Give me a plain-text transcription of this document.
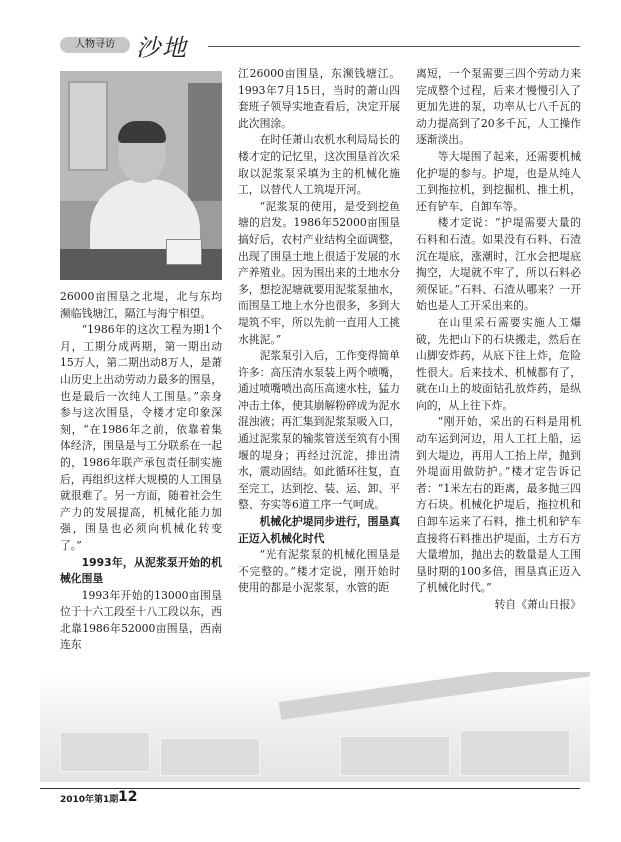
人物寻访 沙地

26000亩围垦之北堤，北与东均濒临钱塘江，隔江与海宁相望。

“1986年的这次工程为期1个月，工期分成两期，第一期出动15万人，第二期出动8万人，是萧山历史上出动劳动力最多的围垦，也是最后一次纯人工围垦。”亲身参与这次围垦，令楼才定印象深刻，“在1986年之前，依靠着集体经济，围垦是与工分联系在一起的，1986年联产承包责任制实施后，再组织这样大规模的人工围垦就很难了。另一方面，随着社会生产力的发展提高，机械化能力加强，围垦也必须向机械化转变了。”

1993年，从泥浆泵开始的机械化围垦

1993年开始的13000亩围垦位于十六工段至十八工段以东，西北靠1986年52000亩围垦，西南连东

江26000亩围垦，东濒钱塘江。1993年7月15日，当时的萧山四套班子领导实地查看后，决定开展此次围涂。

在时任萧山农机水利局局长的楼才定的记忆里，这次围垦首次采取以泥浆泵采填为主的机械化施工，以替代人工筑堤开河。

“泥浆泵的使用，是受到挖鱼塘的启发。1986年52000亩围垦搞好后，农村产业结构全面调整，出现了围垦土地上很适于发展的水产养殖业。因为围出来的土地水分多，想挖泥塘就要用泥浆泵抽水，而围垦工地上水分也很多，多到大堤筑不牢，所以先前一直用人工挑水挑泥。”

泥浆泵引入后，工作变得简单许多：高压清水泵装上两个喷嘴，通过喷嘴喷出高压高速水柱，猛力冲击土体，使其崩解粉碎成为泥水混浊液；再汇集到泥浆泵吸入口，通过泥浆泵的输浆管送至筑有小围堰的堤身；再经过沉淀，排出清水，震动固结。如此循环往复，直至完工，达到挖、装、运、卸、平整、夯实等6道工序一气呵成。

机械化护堤同步进行，围垦真正迈入机械化时代

“光有泥浆泵的机械化围垦是不完整的。”楼才定说，刚开始时使用的都是小泥浆泵，水管的距

离短，一个泵需要三四个劳动力来完成整个过程，后来才慢慢引入了更加先进的泵，功率从七八千瓦的动力提高到了20多千瓦，人工操作逐渐淡出。

等大堤围了起来，还需要机械化护堤的参与。护堤，也是从纯人工到拖拉机，到挖掘机、推土机，还有铲车、自卸车等。

楼才定说：“护堤需要大量的石料和石渣。如果没有石料、石渣沉在堤底，涨潮时，江水会把堤底掏空，大堤就不牢了，所以石料必须保证。”石料、石渣从哪来？一开始也是人工开采出来的。

在山里采石需要实施人工爆破，先把山下的石块搬走，然后在山脚安炸药，从底下往上炸，危险性很大。后来技术、机械都有了，就在山上的坡面钻孔放炸药，是纵向的，从上往下炸。

“刚开始，采出的石料是用机动车运到河边，用人工扛上船，运到大堤边，再用人工抬上岸，抛到外堤面用做防护。”楼才定告诉记者：“1米左右的距离，最多抛三四方石块。机械化护堤后，拖拉机和自卸车运来了石料，推土机和铲车直接将石料推出护堤面，土方石方大量增加，抛出去的数量是人工围垦时期的100多倍，围垦真正迈入了机械化时代。”

转自《萧山日报》

2010年第1期 12
